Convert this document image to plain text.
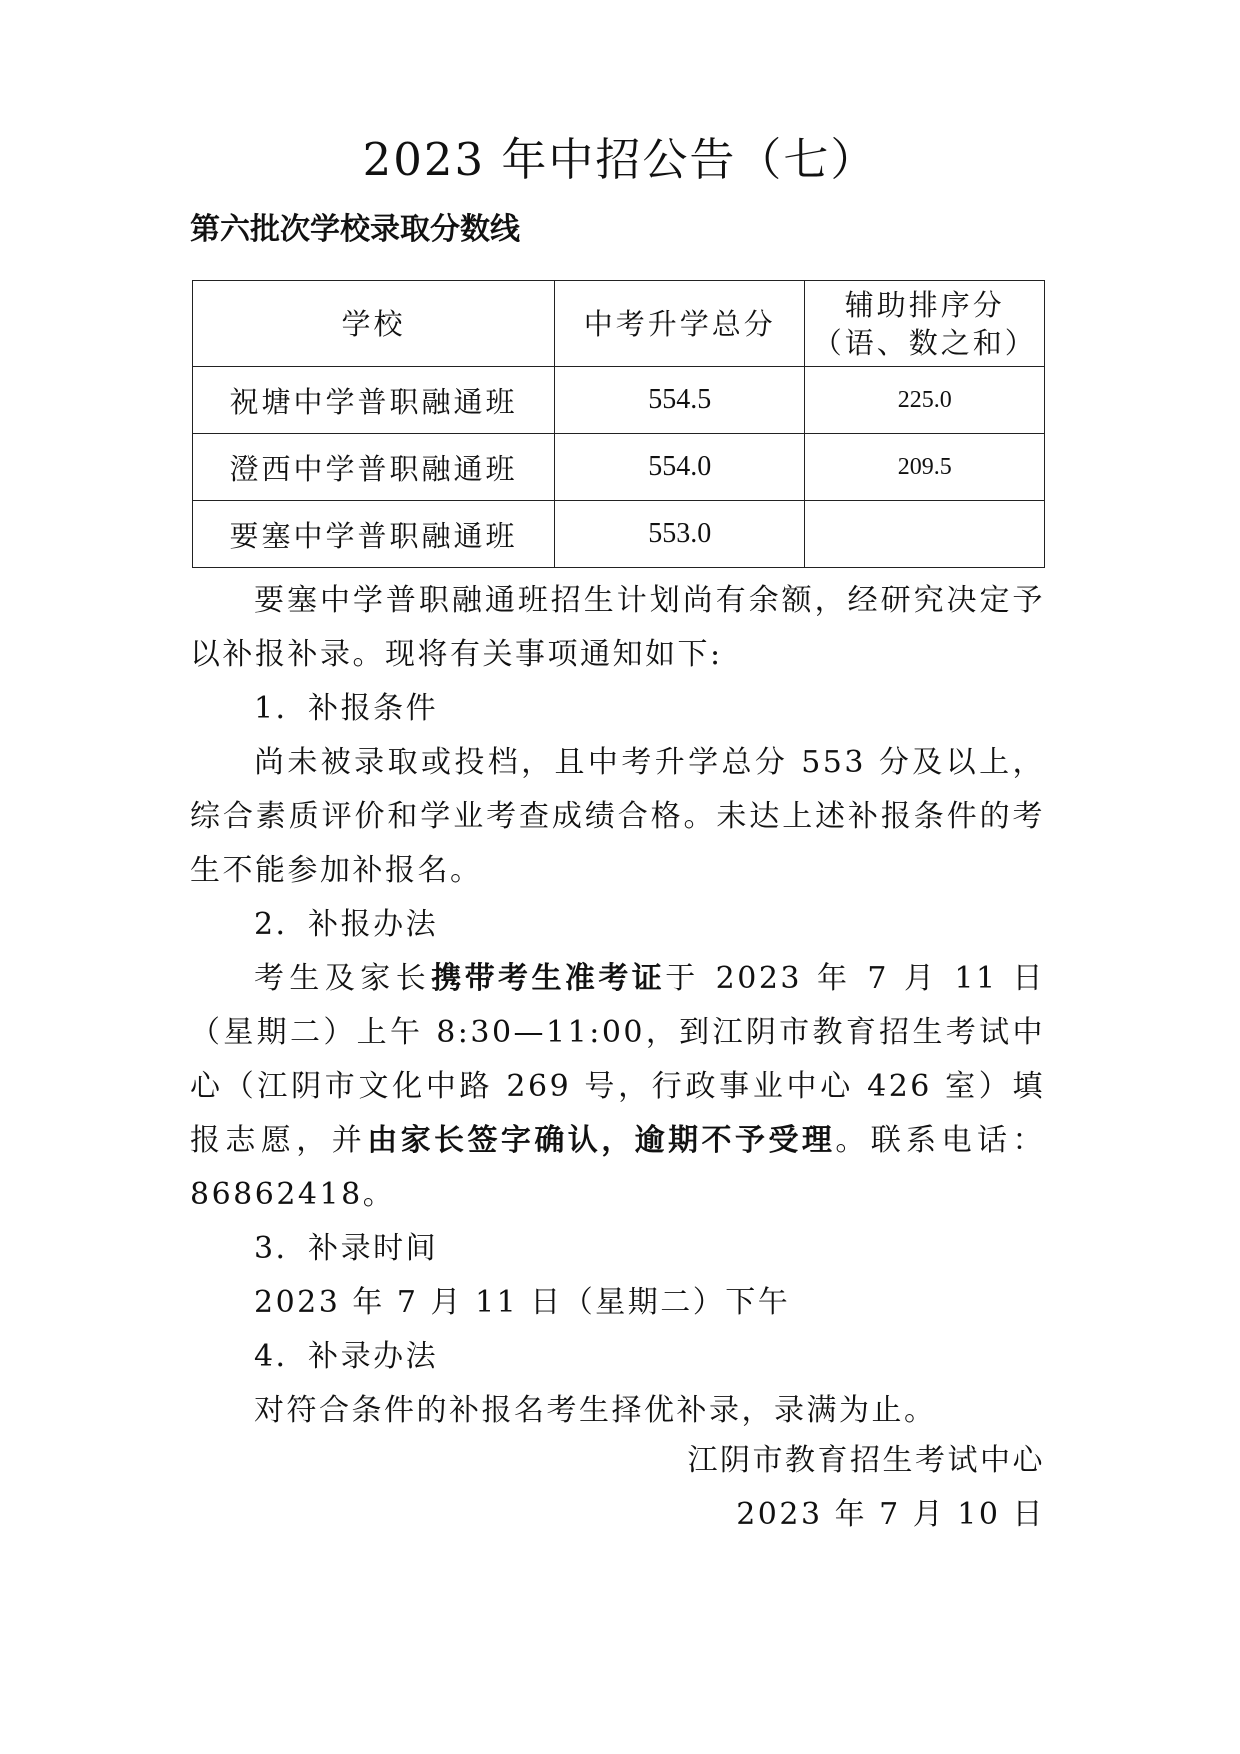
2023 年中招公告（七）
第六批次学校录取分数线
学校	中考升学总分	辅助排序分
（语、数之和）

祝塘中学普职融通班	554.5	225.0
澄西中学普职融通班	554.0	209.5
要塞中学普职融通班	553.0	

要塞中学普职融通班招生计划尚有余额，经研究决定予以补报补录。现将有关事项通知如下:

1．补报条件

尚未被录取或投档，且中考升学总分 553 分及以上，综合素质评价和学业考查成绩合格。未达上述补报条件的考生不能参加补报名。

2．补报办法

考生及家长携带考生准考证于 2023 年 7 月 11 日（星期二）上午 8:30—11:00，到江阴市教育招生考试中心（江阴市文化中路 269 号，行政事业中心 426 室）填报志愿，并由家长签字确认，逾期不予受理。联系电话：86862418。

3．补录时间

2023 年 7 月 11 日（星期二）下午

4．补录办法

对符合条件的补报名考生择优补录，录满为止。

江阴市教育招生考试中心
2023 年 7 月 10 日
